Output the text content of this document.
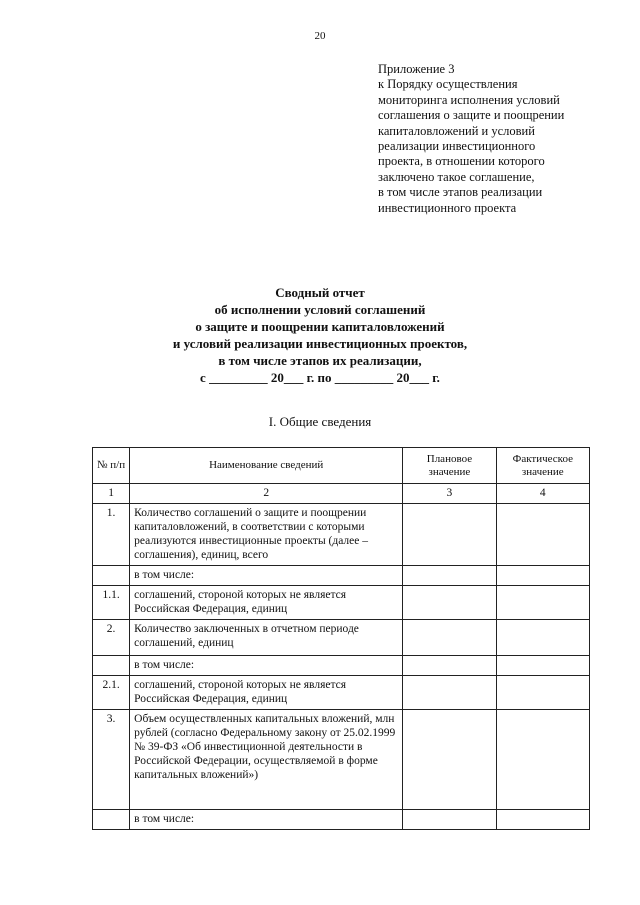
20
Приложение 3
к Порядку осуществления
мониторинга исполнения условий
соглашения о защите и поощрении
капиталовложений и условий
реализации инвестиционного
проекта, в отношении которого
заключено такое соглашение,
в том числе этапов реализации
инвестиционного проекта
Сводный отчет
об исполнении условий соглашений
о защите и поощрении капиталовложений
и условий реализации инвестиционных проектов,
в том числе этапов их реализации,
с _________ 20___ г. по _________ 20___ г.
I. Общие сведения
№ п/п	Наименование сведений	Плановое значение	Фактическое значение
1	2	3	4
1.	Количество соглашений о защите и поощрении капиталовложений, в соответствии с которыми реализуются инвестиционные проекты (далее – соглашения), единиц, всего		
	в том числе:		
1.1.	соглашений, стороной которых не является Российская Федерация, единиц		
2.	Количество заключенных в отчетном периоде соглашений, единиц		
	в том числе:		
2.1.	соглашений, стороной которых не является Российская Федерация, единиц		
3.	Объем осуществленных капитальных вложений, млн рублей (согласно Федеральному закону от 25.02.1999 № 39-ФЗ «Об инвестиционной деятельности в Российской Федерации, осуществляемой в форме капитальных вложений»)		
	в том числе:		
